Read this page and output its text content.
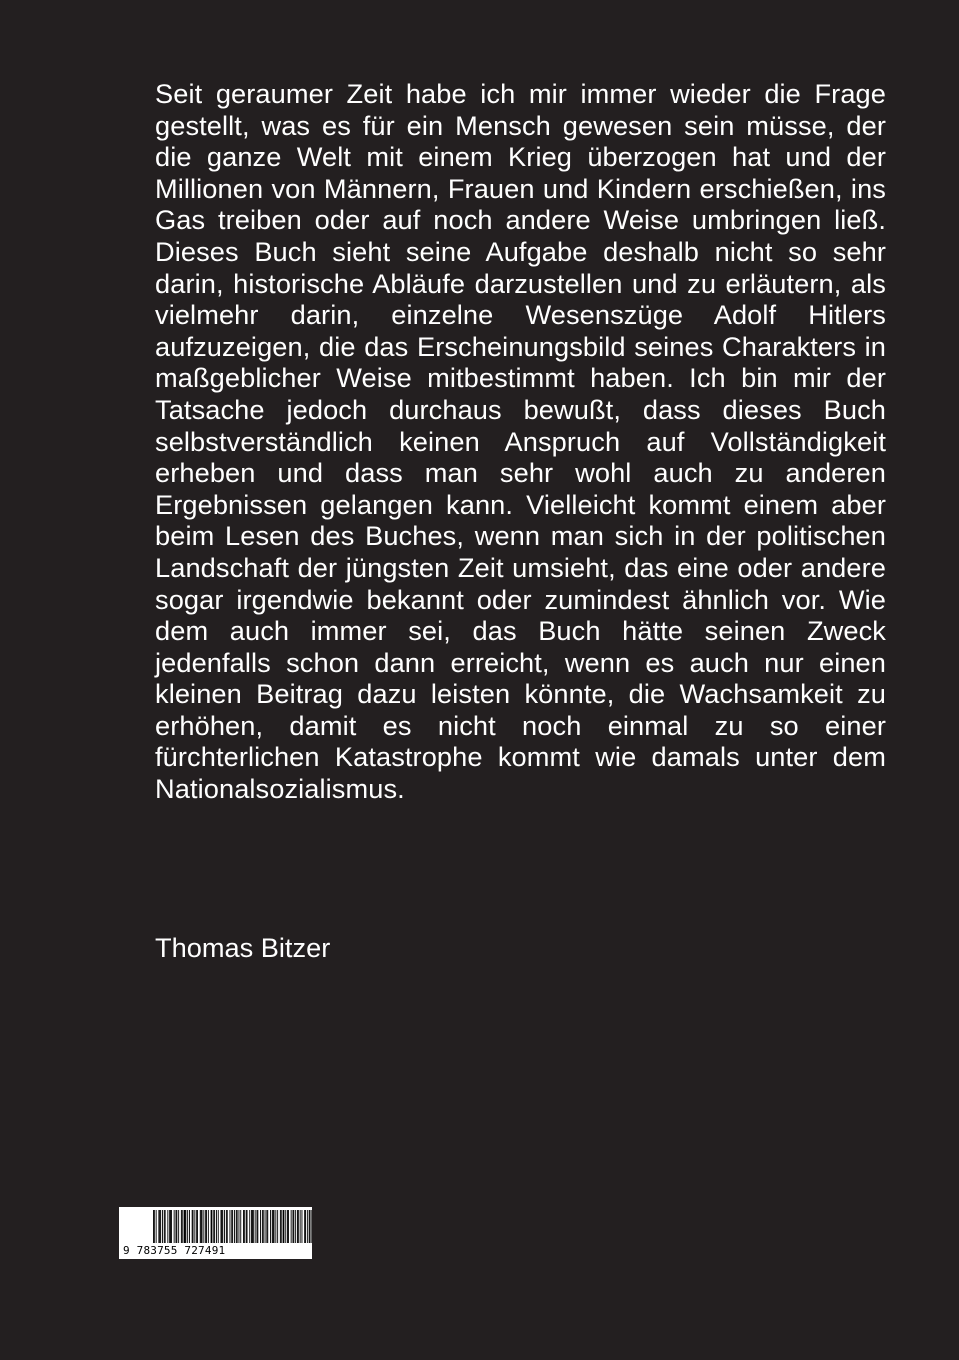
Seit geraumer Zeit habe ich mir immer wieder die Frage gestellt, was es für ein Mensch gewesen sein müsse, der die ganze Welt mit einem Krieg überzogen hat und der Millionen von Männern, Frauen und Kindern erschießen, ins Gas treiben oder auf noch andere Weise umbringen ließ. Dieses Buch sieht seine Aufgabe deshalb nicht so sehr darin, historische Abläufe darzustellen und zu erläutern, als vielmehr darin, einzelne Wesenszüge Adolf Hitlers aufzuzeigen, die das Erscheinungsbild seines Charakters in maßgeblicher Weise mitbestimmt haben. Ich bin mir der Tatsache jedoch durchaus bewußt, dass dieses Buch selbstverständlich keinen Anspruch auf Vollständigkeit erheben und dass man sehr wohl auch zu anderen Ergebnissen gelangen kann. Vielleicht kommt einem aber beim Lesen des Buches, wenn man sich in der politischen Landschaft der jüngsten Zeit umsieht, das eine oder andere sogar irgendwie bekannt oder zumindest ähnlich vor. Wie dem auch immer sei, das Buch hätte seinen Zweck jedenfalls schon dann erreicht, wenn es auch nur einen kleinen Beitrag dazu leisten könnte, die Wachsamkeit zu erhöhen, damit es nicht noch einmal zu so einer fürchterlichen Katastrophe kommt wie damals unter dem Nationalsozialismus.

Thomas Bitzer

9 783755 727491
